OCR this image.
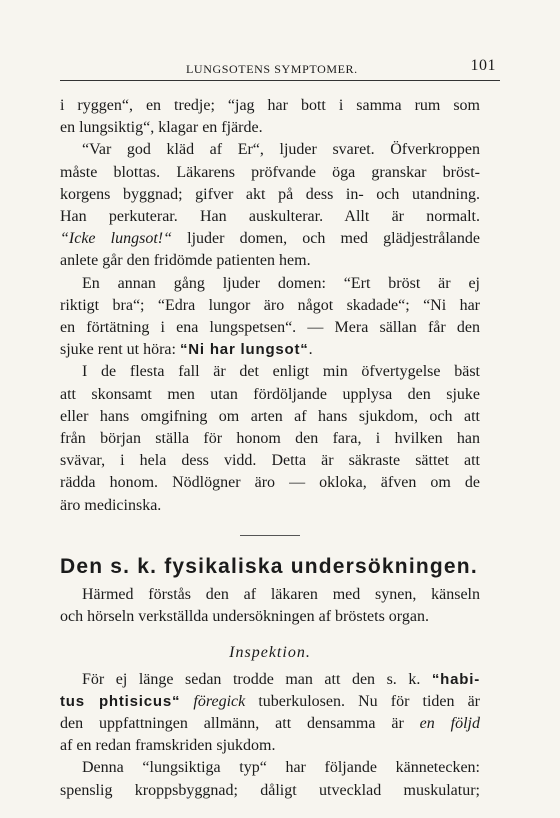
LUNGSOTENS SYMPTOMER.	101

i ryggen“, en tredje; “jag har bott i samma rum som

en lungsiktig“, klagar en fjärde.

“Var god kläd af Er“, ljuder svaret. Öfverkroppen

måste blottas. Läkarens pröfvande öga granskar bröst-

korgens byggnad; gifver akt på dess in- och utandning.

Han perkuterar. Han auskulterar. Allt är normalt.

“Icke lungsot!“ ljuder domen, och med glädjestrålande

anlete går den fridömde patienten hem.

En annan gång ljuder domen: “Ert bröst är ej

riktigt bra“; “Edra lungor äro något skadade“; “Ni har

en förtätning i ena lungspetsen“. — Mera sällan får den

sjuke rent ut höra: “Ni har lungsot“.

I de flesta fall är det enligt min öfvertygelse bäst

att skonsamt men utan fördöljande upplysa den sjuke

eller hans omgifning om arten af hans sjukdom, och att

från början ställa för honom den fara, i hvilken han

svävar, i hela dess vidd. Detta är säkraste sättet att

rädda honom. Nödlögner äro — okloka, äfven om de

äro medicinska.

Den s. k. fysikaliska undersökningen.

Härmed förstås den af läkaren med synen, känseln

och hörseln verkställda undersökningen af bröstets organ.

Inspektion.

För ej länge sedan trodde man att den s. k. “habi-

tus phtisicus“ föregick tuberkulosen. Nu för tiden är

den uppfattningen allmänn, att densamma är en följd

af en redan framskriden sjukdom.

Denna “lungsiktiga typ“ har följande kännetecken:

spenslig kroppsbyggnad; dåligt utvecklad muskulatur;
